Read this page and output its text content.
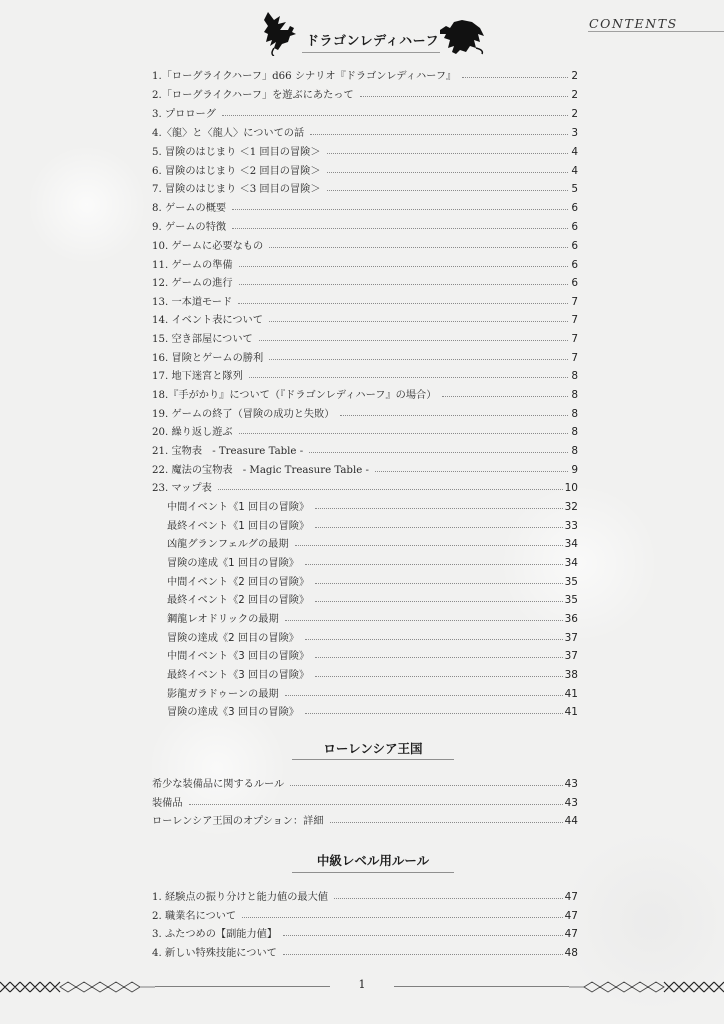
ドラゴンレディハーフ
CONTENTS
1.「ローグライクハーフ」d66 シナリオ『ドラゴンレディハーフ』	2
2.「ローグライクハーフ」を遊ぶにあたって	2
3. プロローグ	2
4.〈龍〉と〈龍人〉についての話	3
5. 冒険のはじまり ＜1 回目の冒険＞	4
6. 冒険のはじまり ＜2 回目の冒険＞	4
7. 冒険のはじまり ＜3 回目の冒険＞	5
8. ゲームの概要	6
9. ゲームの特徴	6
10. ゲームに必要なもの	6
11. ゲームの準備	6
12. ゲームの進行	6
13. 一本道モード	7
14. イベント表について	7
15. 空き部屋について	7
16. 冒険とゲームの勝利	7
17. 地下迷宮と隊列	8
18.『手がかり』について（『ドラゴンレディハーフ』の場合）	8
19. ゲームの終了（冒険の成功と失敗）	8
20. 繰り返し遊ぶ	8
21. 宝物表　- Treasure Table -	8
22. 魔法の宝物表　- Magic Treasure Table -	9
23. マップ表	10
中間イベント《1 回目の冒険》	32
最終イベント《1 回目の冒険》	33
凶龍グランフェルグの最期	34
冒険の達成《1 回目の冒険》	34
中間イベント《2 回目の冒険》	35
最終イベント《2 回目の冒険》	35
鋼龍レオドリックの最期	36
冒険の達成《2 回目の冒険》	37
中間イベント《3 回目の冒険》	37
最終イベント《3 回目の冒険》	38
影龍ガラドゥーンの最期	41
冒険の達成《3 回目の冒険》	41
ローレンシア王国
希少な装備品に関するルール	43
装備品	43
ローレンシア王国のオプション：詳細	44
中級レベル用ルール
1. 経験点の振り分けと能力値の最大値	47
2. 職業名について	47
3. ふたつめの【副能力値】	47
4. 新しい特殊技能について	48
1
